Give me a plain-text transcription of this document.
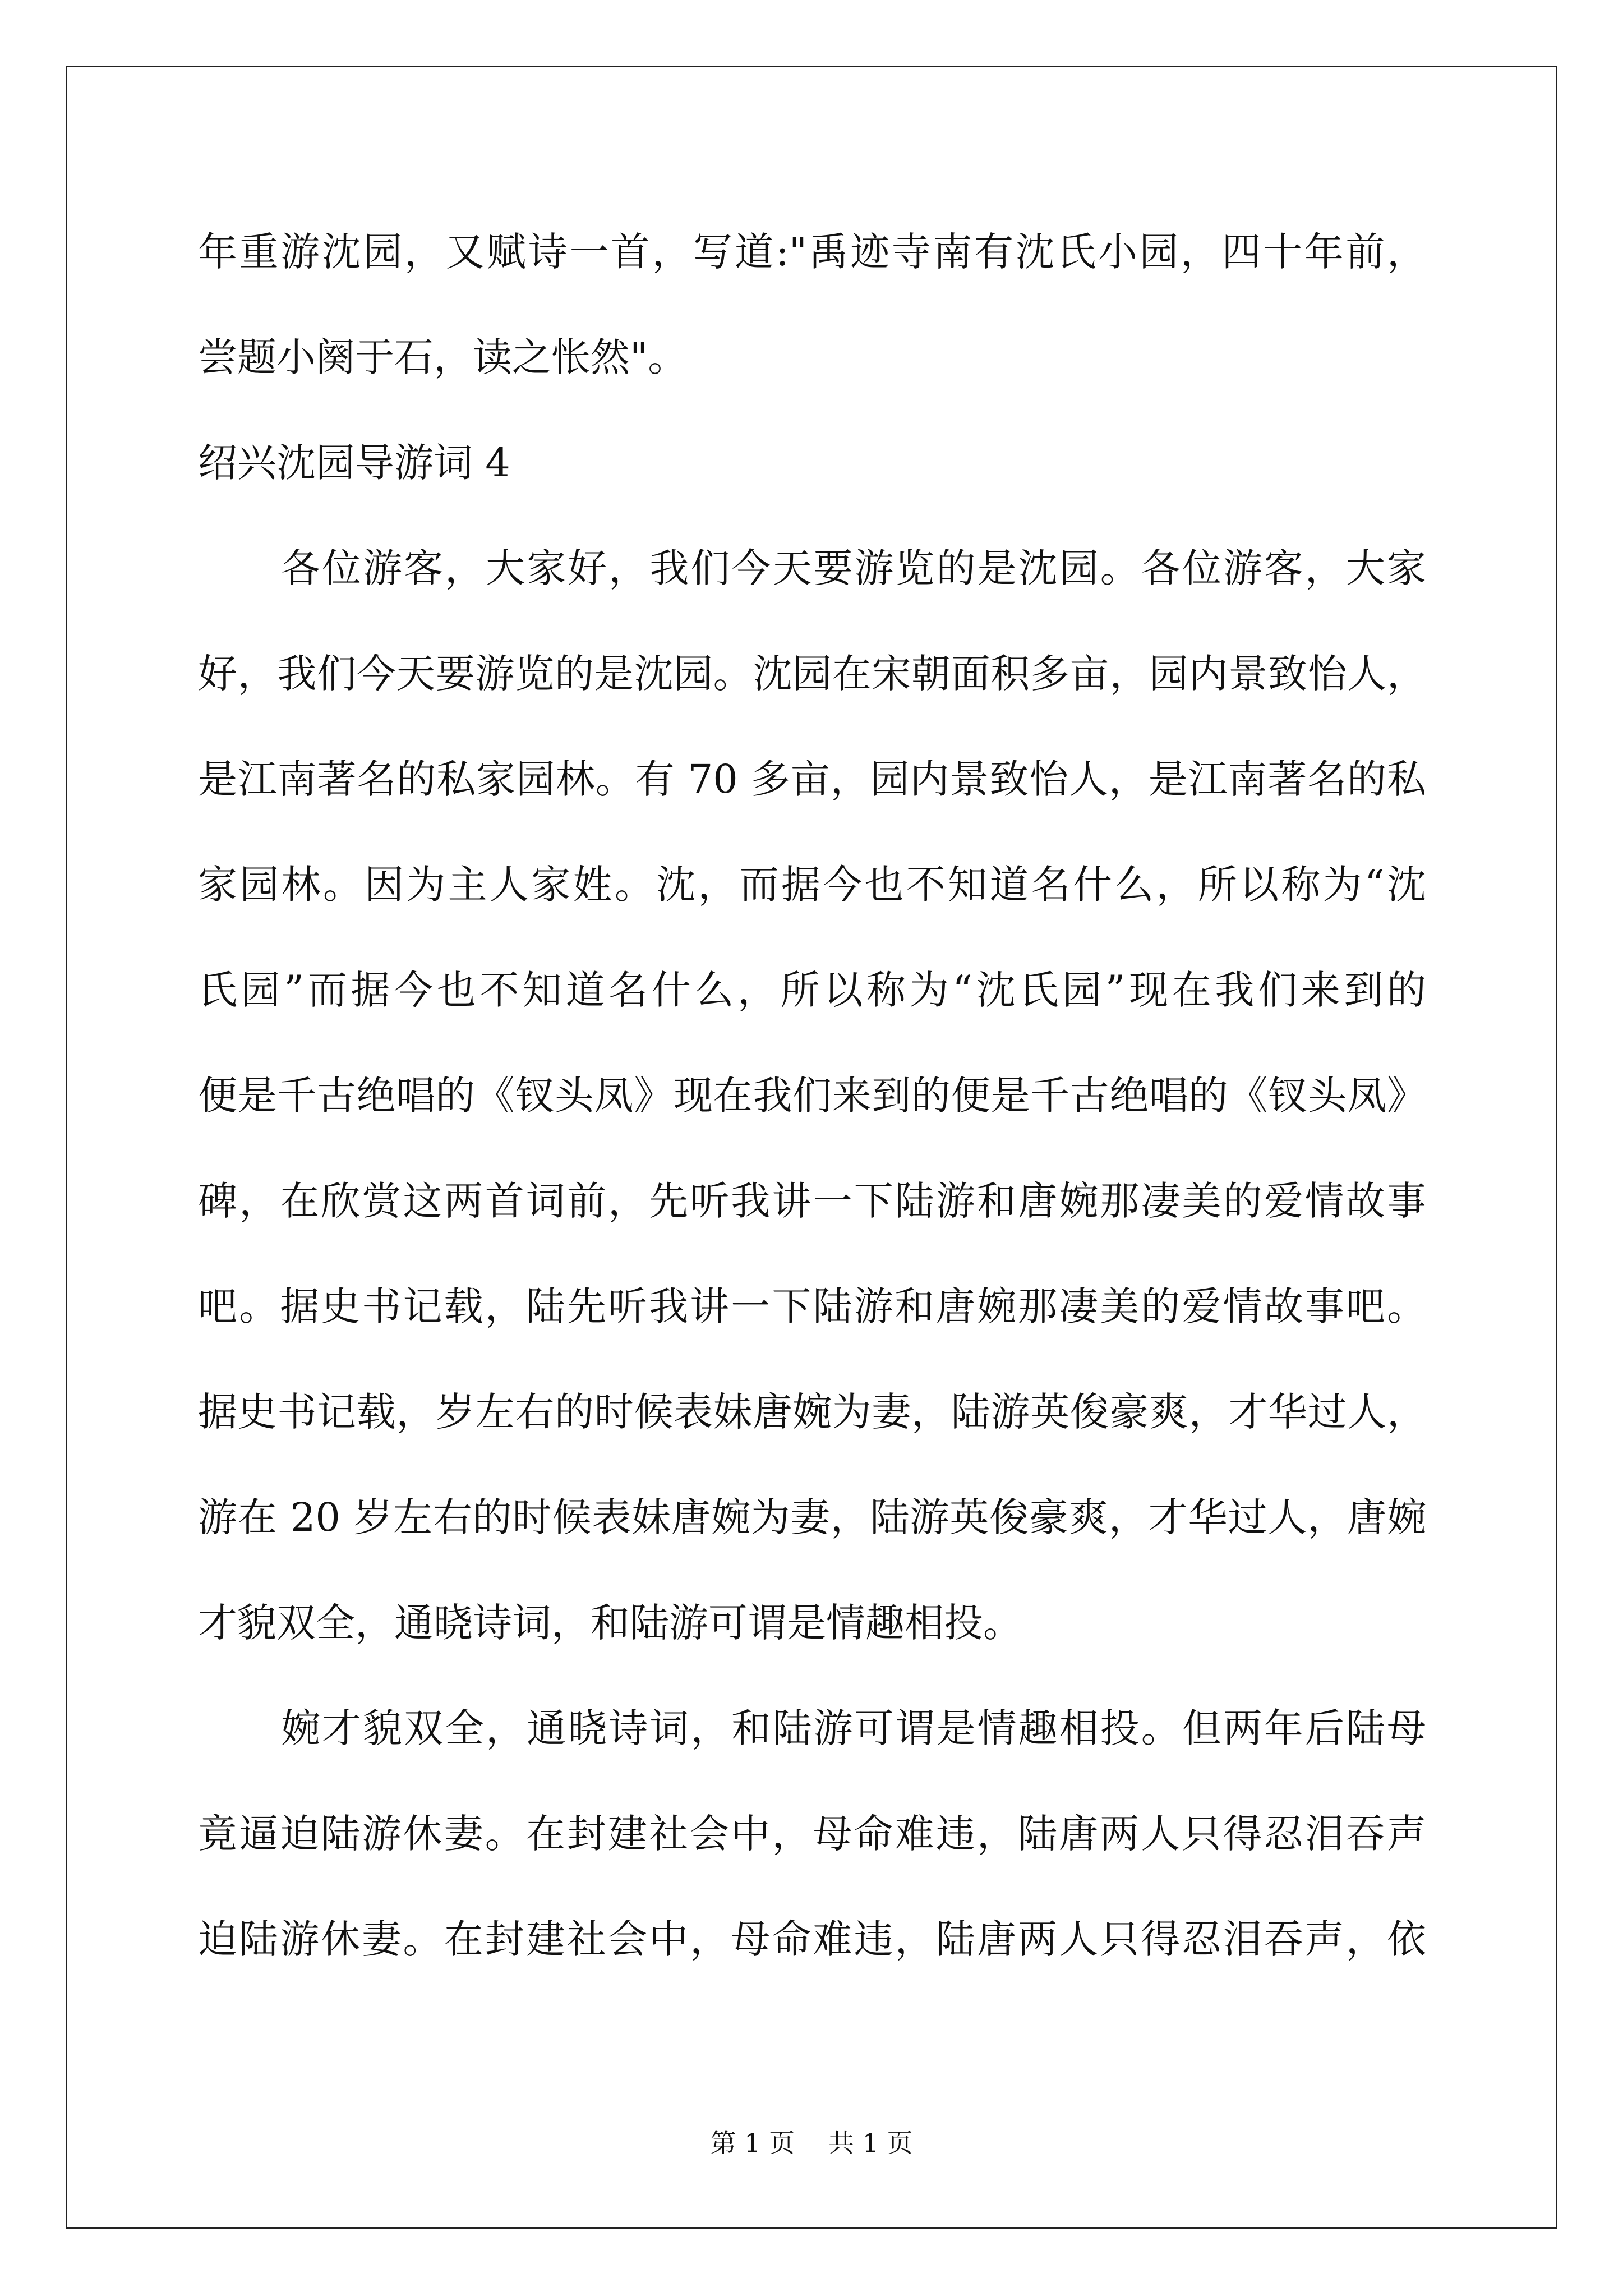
年重游沈园，又赋诗一首，写道:"禹迹寺南有沈氏小园，四十年前，
尝题小阕于石，读之怅然"。
绍兴沈园导游词 4
各位游客，大家好，我们今天要游览的是沈园。各位游客，大家
好，我们今天要游览的是沈园。沈园在宋朝面积多亩，园内景致怡人，
是江南著名的私家园林。有 70 多亩，园内景致怡人，是江南著名的私
家园林。因为主人家姓。沈，而据今也不知道名什么，所以称为“沈
氏园”而据今也不知道名什么，所以称为“沈氏园”现在我们来到的
便是千古绝唱的《钗头凤》现在我们来到的便是千古绝唱的《钗头凤》
碑，在欣赏这两首词前，先听我讲一下陆游和唐婉那凄美的爱情故事
吧。据史书记载，陆先听我讲一下陆游和唐婉那凄美的爱情故事吧。
据史书记载，岁左右的时候表妹唐婉为妻，陆游英俊豪爽，才华过人，
游在 20 岁左右的时候表妹唐婉为妻，陆游英俊豪爽，才华过人，唐婉
才貌双全，通晓诗词，和陆游可谓是情趣相投。
婉才貌双全，通晓诗词，和陆游可谓是情趣相投。但两年后陆母
竟逼迫陆游休妻。在封建社会中，母命难违，陆唐两人只得忍泪吞声
迫陆游休妻。在封建社会中，母命难违，陆唐两人只得忍泪吞声，依
第 1 页 共 1 页
